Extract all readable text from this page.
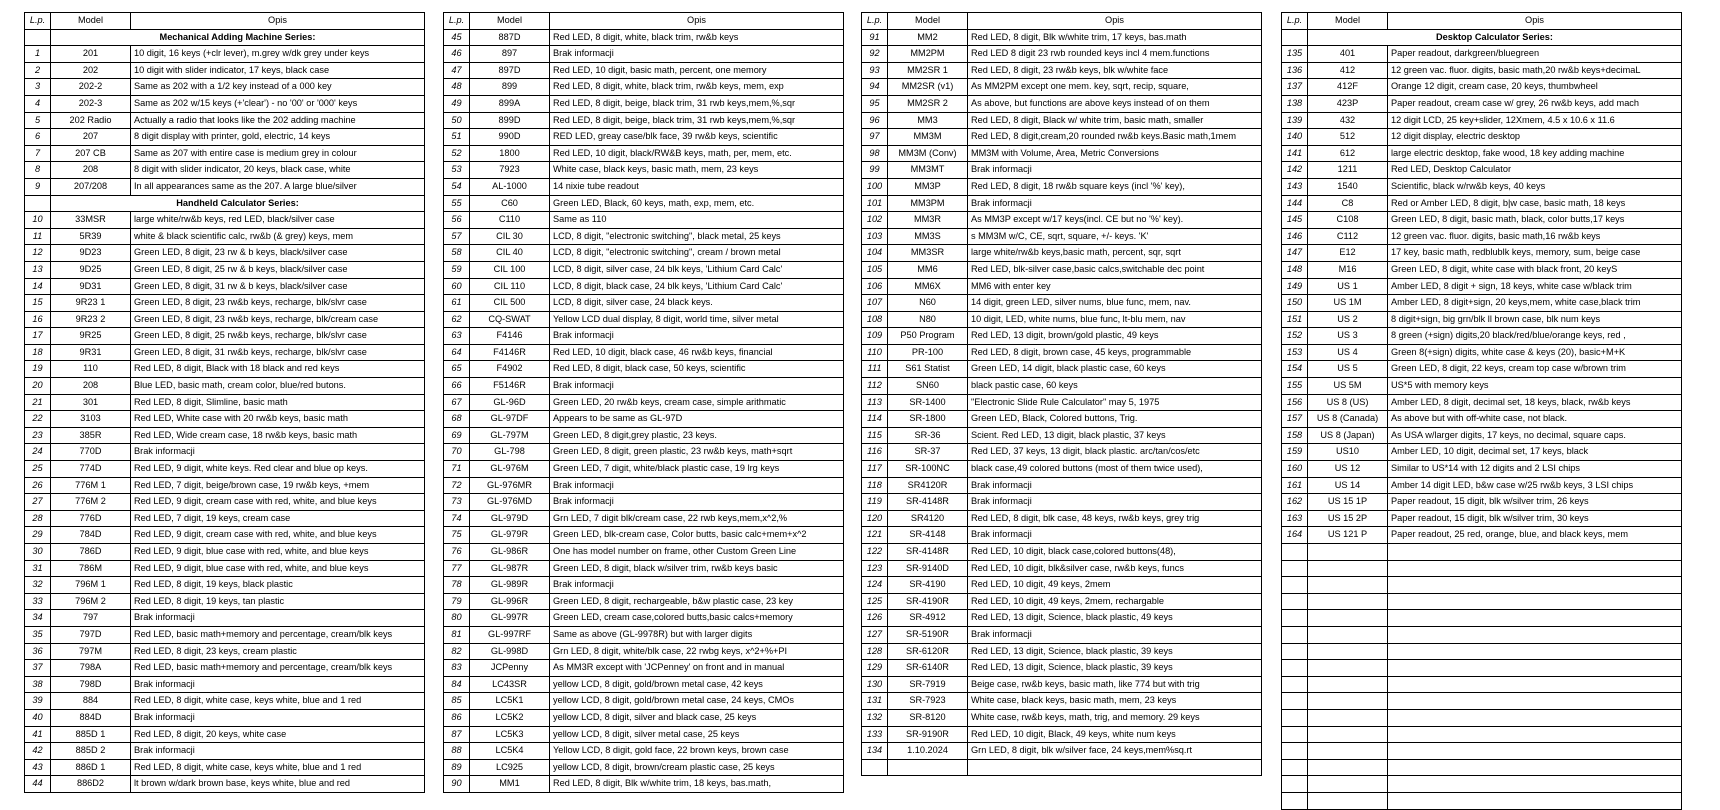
L.p.	Model	Opis
	Mechanical Adding Machine Series:	
1	201	10 digit, 16 keys (+clr lever), m.grey w/dk grey under keys
2	202	10 digit with slider indicator, 17 keys, black case
3	202-2	Same as 202 with a 1/2 key instead of a 000 key
4	202-3	Same as 202 w/15 keys (+'clear') - no '00' or '000' keys
5	202 Radio	Actually a radio that looks like the 202 adding machine
6	207	8 digit display with printer, gold, electric, 14 keys
7	207 CB	Same as 207 with entire case is medium grey in colour
8	208	8 digit with slider indicator, 20 keys, black case, white
9	207/208	In all appearances same as the 207. A large blue/silver
	Handheld Calculator Series:	
10	33MSR	large white/rw&b keys, red LED, black/silver case
11	5R39	white & black scientific calc, rw&b (& grey) keys, mem
12	9D23	Green LED, 8 digit, 23 rw & b keys, black/silver case
13	9D25	Green LED, 8 digit, 25 rw & b keys, black/silver case
14	9D31	Green LED, 8 digit, 31 rw & b keys, black/silver case
15	9R23 1	Green LED, 8 digit, 23 rw&b keys, recharge, blk/slvr case
16	9R23 2	Green LED, 8 digit, 23 rw&b keys, recharge, blk/cream case
17	9R25	Green LED, 8 digit, 25 rw&b keys, recharge, blk/slvr case
18	9R31	Green LED, 8 digit, 31 rw&b keys, recharge, blk/slvr case
19	110	Red LED, 8 digit, Black with 18 black and red keys
20	208	Blue LED, basic math, cream color, blue/red butons.
21	301	Red LED, 8 digit, Slimline, basic math
22	3103	Red LED, White case with 20 rw&b keys, basic math
23	385R	Red LED, Wide cream case, 18 rw&b keys, basic math
24	770D	Brak informacji
25	774D	Red LED, 9 digit, white keys. Red clear and blue op keys.
26	776M 1	Red LED, 7 digit, beige/brown case, 19 rw&b keys, +mem
27	776M 2	Red LED, 9 digit, cream case with red, white, and blue keys
28	776D	Red LED, 7 digit, 19 keys, cream case
29	784D	Red LED, 9 digit, cream case with red, white, and blue keys
30	786D	Red LED, 9 digit, blue case with red, white, and blue keys
31	786M	Red LED, 9 digit, blue case with red, white, and blue keys
32	796M 1	Red LED, 8 digit, 19 keys, black plastic
33	796M 2	Red LED, 8 digit, 19 keys, tan plastic
34	797	Brak informacji
35	797D	Red LED, basic math+memory and percentage, cream/blk keys
36	797M	Red LED, 8 digit, 23 keys, cream plastic
37	798A	Red LED, basic math+memory and percentage, cream/blk keys
38	798D	Brak informacji
39	884	Red LED, 8 digit, white case, keys white, blue and 1 red
40	884D	Brak informacji
41	885D 1	Red LED, 8 digit, 20 keys, white case
42	885D 2	Brak informacji
43	886D 1	Red LED, 8 digit, white case, keys white, blue and 1 red
44	886D2	lt brown w/dark brown base, keys white, blue and red
L.p.	Model	Opis
45	887D	Red LED, 8 digit, white, black trim, rw&b keys
46	897	Brak informacji
47	897D	Red LED, 10 digit, basic math, percent, one memory
48	899	Red LED, 8 digit, white, black trim, rw&b keys, mem, exp
49	899A	Red LED, 8 digit, beige, black trim, 31 rwb keys,mem,%,sqr
50	899D	Red LED, 8 digit, beige, black trim, 31 rwb keys,mem,%,sqr
51	990D	RED LED, greay case/blk face, 39 rw&b keys, scientific
52	1800	Red LED, 10 digit, black/RW&B keys, math, per, mem, etc.
53	7923	White case, black keys, basic math, mem, 23 keys
54	AL-1000	14 nixie tube readout
55	C60	Green LED, Black, 60 keys, math, exp, mem, etc.
56	C110	Same as 110
57	CIL 30	LCD, 8 digit, "electronic switching", black metal, 25 keys
58	CIL 40	LCD, 8 digit, "electronic switching", cream / brown metal
59	CIL 100	LCD, 8 digit, silver case, 24 blk keys, 'Lithium Card Calc'
60	CIL 110	LCD, 8 digit, black case, 24 blk keys, 'Lithium Card Calc'
61	CIL 500	LCD, 8 digit, silver case, 24 black keys.
62	CQ-SWAT	Yellow LCD dual display, 8 digit, world time, silver metal
63	F4146	Brak informacji
64	F4146R	Red LED, 10 digit, black case, 46 rw&b keys, financial
65	F4902	Red LED, 8 digit, black case, 50 keys, scientific
66	F5146R	Brak informacji
67	GL-96D	Green LED, 20 rw&b keys, cream case, simple arithmatic
68	GL-97DF	Appears to be same as GL-97D
69	GL-797M	Green LED, 8 digit,grey plastic, 23 keys.
70	GL-798	Green LED, 8 digit, green plastic, 23 rw&b keys, math+sqrt
71	GL-976M	Green LED, 7 digit, white/black plastic case, 19 lrg keys
72	GL-976MR	Brak informacji
73	GL-976MD	Brak informacji
74	GL-979D	Grn LED, 7 digit blk/cream case, 22 rwb keys,mem,x^2,%
75	GL-979R	Green LED, blk-cream case, Color butts, basic calc+mem+x^2
76	GL-986R	One has model number on frame, other Custom Green Line
77	GL-987R	Green LED, 8 digit, black w/silver trim, rw&b keys basic
78	GL-989R	Brak informacji
79	GL-996R	Green LED, 8 digit, rechargeable, b&w plastic case, 23 key
80	GL-997R	Green LED, cream case,colored butts,basic calcs+memory
81	GL-997RF	Same as above (GL-9978R) but with larger digits
82	GL-998D	Grn LED, 8 digit, white/blk case, 22 rwbg keys, x^2+%+PI
83	JCPenny	As MM3R except with 'JCPenney' on front and in manual
84	LC43SR	yellow LCD, 8 digit, gold/brown metal case, 42 keys
85	LC5K1	yellow LCD, 8 digit, gold/brown metal case, 24 keys, CMOs
86	LC5K2	yellow LCD, 8 digit, silver and black case, 25 keys
87	LC5K3	yellow LCD, 8 digit, silver metal case, 25 keys
88	LC5K4	Yellow LCD, 8 digit, gold face, 22 brown keys, brown case
89	LC925	yellow LCD, 8 digit, brown/cream plastic case, 25 keys
90	MM1	Red LED, 8 digit, Blk w/white trim, 18 keys, bas.math,
L.p.	Model	Opis
91	MM2	Red LED, 8 digit, Blk w/white trim, 17 keys, bas.math
92	MM2PM	Red LED 8 digit 23 rwb rounded keys incl 4 mem.functions
93	MM2SR 1	Red LED, 8 digit, 23 rw&b keys, blk w/white face
94	MM2SR (v1)	As MM2PM except one mem. key, sqrt, recip, square,
95	MM2SR 2	As above, but functions are above keys instead of on them
96	MM3	Red LED, 8 digit, Black w/ white trim, basic math, smaller
97	MM3M	Red LED, 8 digit,cream,20 rounded rw&b keys.Basic math,1mem
98	MM3M (Conv)	MM3M with Volume, Area, Metric Conversions
99	MM3MT	Brak informacji
100	MM3P	Red LED, 8 digit, 18 rw&b square keys (incl '%' key),
101	MM3PM	Brak informacji
102	MM3R	As MM3P except w/17 keys(incl. CE but no '%' key).
103	MM3S	s MM3M w/C, CE, sqrt, square, +/- keys. 'K'
104	MM3SR	large white/rw&b keys,basic math, percent, sqr, sqrt
105	MM6	Red LED, blk-silver case,basic calcs,switchable dec point
106	MM6X	MM6 with enter key
107	N60	14 digit, green LED, silver nums, blue func, mem, nav.
108	N80	10 digit, LED, white nums, blue func, lt-blu mem, nav
109	P50 Program	Red LED, 13 digit, brown/gold plastic, 49 keys
110	PR-100	Red LED, 8 digit, brown case, 45 keys, programmable
111	S61 Statist	Green LED, 14 digit, black plastic case, 60 keys
112	SN60	black pastic case, 60 keys
113	SR-1400	"Electronic Slide Rule Calculator" may 5, 1975
114	SR-1800	Green LED, Black, Colored buttons, Trig.
115	SR-36	Scient. Red LED, 13 digit, black plastic, 37 keys
116	SR-37	Red LED, 37 keys, 13 digit, black plastic. arc/tan/cos/etc
117	SR-100NC	black case,49 colored buttons (most of them twice used),
118	SR4120R	Brak informacji
119	SR-4148R	Brak informacji
120	SR4120	Red LED, 8 digit, blk case, 48 keys, rw&b keys, grey trig
121	SR-4148	Brak informacji
122	SR-4148R	Red LED, 10 digit, black case,colored buttons(48),
123	SR-9140D	Red LED, 10 digit, blk&silver case, rw&b keys, funcs
124	SR-4190	Red LED, 10 digit, 49 keys, 2mem
125	SR-4190R	Red LED, 10 digit, 49 keys, 2mem, rechargable
126	SR-4912	Red LED, 13 digit, Science, black plastic, 49 keys
127	SR-5190R	Brak informacji
128	SR-6120R	Red LED, 13 digit, Science, black plastic, 39 keys
129	SR-6140R	Red LED, 13 digit, Science, black plastic, 39 keys
130	SR-7919	Beige case, rw&b keys, basic math, like 774 but with trig
131	SR-7923	White case, black keys, basic math, mem, 23 keys
132	SR-8120	White case, rw&b keys, math, trig, and memory. 29 keys
133	SR-9190R	Red LED, 10 digit, Black, 49 keys, white num keys
134	1.10.2024	Grn LED, 8 digit, blk w/silver face, 24 keys,mem%sq.rt

L.p.	Model	Opis
	Desktop Calculator Series:	
135	401	Paper readout, darkgreen/bluegreen
136	412	12 green vac. fluor. digits, basic math,20 rw&b keys+decimaL
137	412F	Orange 12 digit, cream case, 20 keys, thumbwheel
138	423P	Paper readout, cream case w/ grey, 26 rw&b keys, add mach
139	432	12 digit LCD, 25 key+slider, 12Xmem, 4.5 x 10.6 x 11.6
140	512	12 digit display, electric desktop
141	612	large electric desktop, fake wood, 18 key adding machine
142	1211	Red LED, Desktop Calculator
143	1540	Scientific, black w/rw&b keys, 40 keys
144	C8	Red or Amber LED, 8 digit, b|w case, basic math, 18 keys
145	C108	Green LED, 8 digit, basic math, black, color butts,17 keys
146	C112	12 green vac. fluor. digits, basic math,16 rw&b keys
147	E12	17 key, basic math, redblublk keys, memory, sum, beige case
148	M16	Green LED, 8 digit, white case with black front, 20 keyS
149	US 1	Amber LED, 8 digit + sign, 18 keys, white case w/black trim
150	US 1M	Amber LED, 8 digit+sign, 20 keys,mem, white case,black trim
151	US 2	8 digit+sign, big grn/blk ll brown case, blk num keys
152	US 3	8 green (+sign) digits,20 black/red/blue/orange keys, red ,
153	US 4	Green 8(+sign) digits, white case & keys (20), basic+M+K
154	US 5	Green LED, 8 digit, 22 keys, cream top case w/brown trim
155	US 5M	US*5 with memory keys
156	US 8 (US)	Amber LED, 8 digit, decimal set, 18 keys, black, rw&b keys
157	US 8 (Canada)	As above but with off-white case, not black.
158	US 8 (Japan)	As USA w/larger digits, 17 keys, no decimal, square caps.
159	US10	Amber LED, 10 digit, decimal set, 17 keys, black
160	US 12	Similar to US*14 with 12 digits and 2 LSI chips
161	US 14	Amber 14 digit LED, b&w case w/25 rw&b keys, 3 LSI chips
162	US 15 1P	Paper readout, 15 digit, blk w/silver trim, 26 keys
163	US 15 2P	Paper readout, 15 digit, blk w/silver trim, 30 keys
164	US 121 P	Paper readout, 25 red, orange, blue, and black keys, mem
